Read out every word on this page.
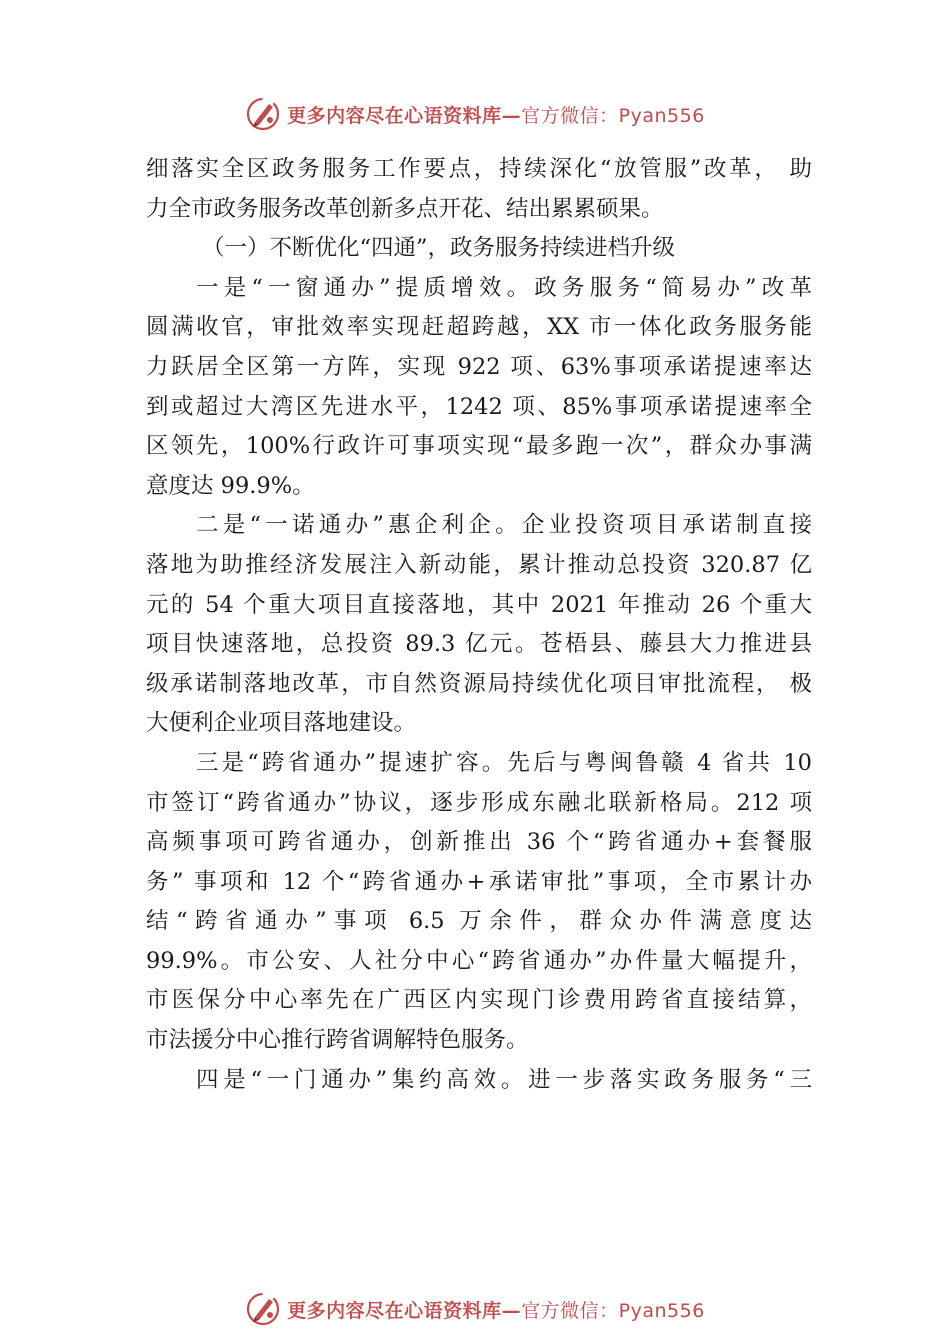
更多内容尽在心语资料库—官方微信：Pyan556
细落实全区政务服务工作要点，持续深化“放管服”改革， 助
力全市政务服务改革创新多点开花、结出累累硕果。
（一）不断优化“四通”，政务服务持续进档升级
一是“一窗通办”提质增效。政务服务“简易办”改革
圆满收官，审批效率实现赶超跨越，XX 市一体化政务服务能
力跃居全区第一方阵，实现 922 项、63%事项承诺提速率达
到或超过大湾区先进水平，1242 项、85%事项承诺提速率全
区领先，100%行政许可事项实现“最多跑一次”，群众办事满
意度达 99.9%。
二是“一诺通办”惠企利企。企业投资项目承诺制直接
落地为助推经济发展注入新动能，累计推动总投资 320.87 亿
元的 54 个重大项目直接落地，其中 2021 年推动 26 个重大
项目快速落地，总投资 89.3 亿元。苍梧县、藤县大力推进县
级承诺制落地改革，市自然资源局持续优化项目审批流程， 极
大便利企业项目落地建设。
三是“跨省通办”提速扩容。先后与粤闽鲁赣 4 省共 10
市签订“跨省通办”协议，逐步形成东融北联新格局。212 项
高频事项可跨省通办，创新推出 36 个“跨省通办+套餐服
务” 事项和 12 个“跨省通办+承诺审批”事项，全市累计办
结“跨省通办”事项 6.5 万余件，群众办件满意度达
99.9%。市公安、人社分中心“跨省通办”办件量大幅提升，
市医保分中心率先在广西区内实现门诊费用跨省直接结算，
市法援分中心推行跨省调解特色服务。
四是“一门通办”集约高效。进一步落实政务服务“三
更多内容尽在心语资料库—官方微信：Pyan556
